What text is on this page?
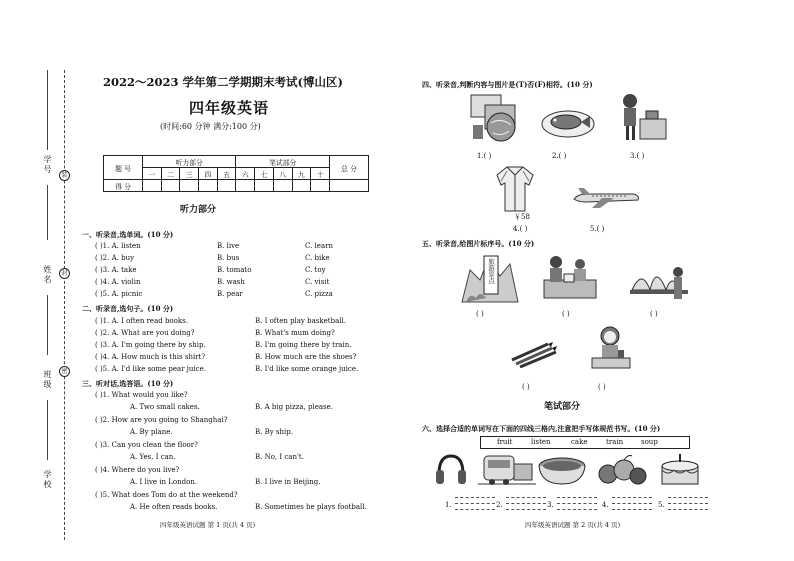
学号
姓名
班级
学校
装
封
密
2022～2023 学年第二学期期末考试(博山区)
四年级英语
(时间:60 分钟 满分:100 分)
题 号	听力部分					笔试部分					总 分
	一	二	三	四	五	六	七	八	九	十	
得 分											
听力部分
一、听录音,选单词。(10 分)
( )1. A. listen	B. live	C. learn
( )2. A. buy	B. bus	C. bike
( )3. A. take	B. tomato	C. toy
( )4. A. violin	B. wash	C. visit
( )5. A. picnic	B. pear	C. pizza
二、听录音,选句子。(10 分)
( )1. A. I often read books.	B. I often play basketball.
( )2. A. What are you doing?	B. What's mum doing?
( )3. A. I'm going there by ship.	B. I'm going there by train.
( )4. A. How much is this shirt?	B. How much are the shoes?
( )5. A. I'd like some pear juice.	B. I'd like some orange juice.
三、听对话,选答语。(10 分)
( )1. What would you like?
A. Two small cakes.	B. A big pizza, please.
( )2. How are you going to Shanghai?
A. By plane.	B. By ship.
( )3. Can you clean the floor?
A. Yes, I can.	B. No, I can't.
( )4. Where do you live?
A. I live in London.	B. I live in Beijing.
( )5. What does Tom do at the weekend?
A. He often reads books.	B. Sometimes he plays football.
四年级英语试题 第 1 页(共 4 页)
四、听录音,判断内容与图片是(T)否(F)相符。(10 分)
1.( )	2.( )	3.( )
￥58
4.( )	5.( )
五、听录音,给图片标序号。(10 分)
旅游景点
( )	( )	( )
( )	( )
笔试部分
六、选择合适的单词写在下面的四线三格内,注意把手写体规范书写。(10 分)
fruit	listen	cake	train	soup
1.	2.	3.	4.	5.
四年级英语试题 第 2 页(共 4 页)
